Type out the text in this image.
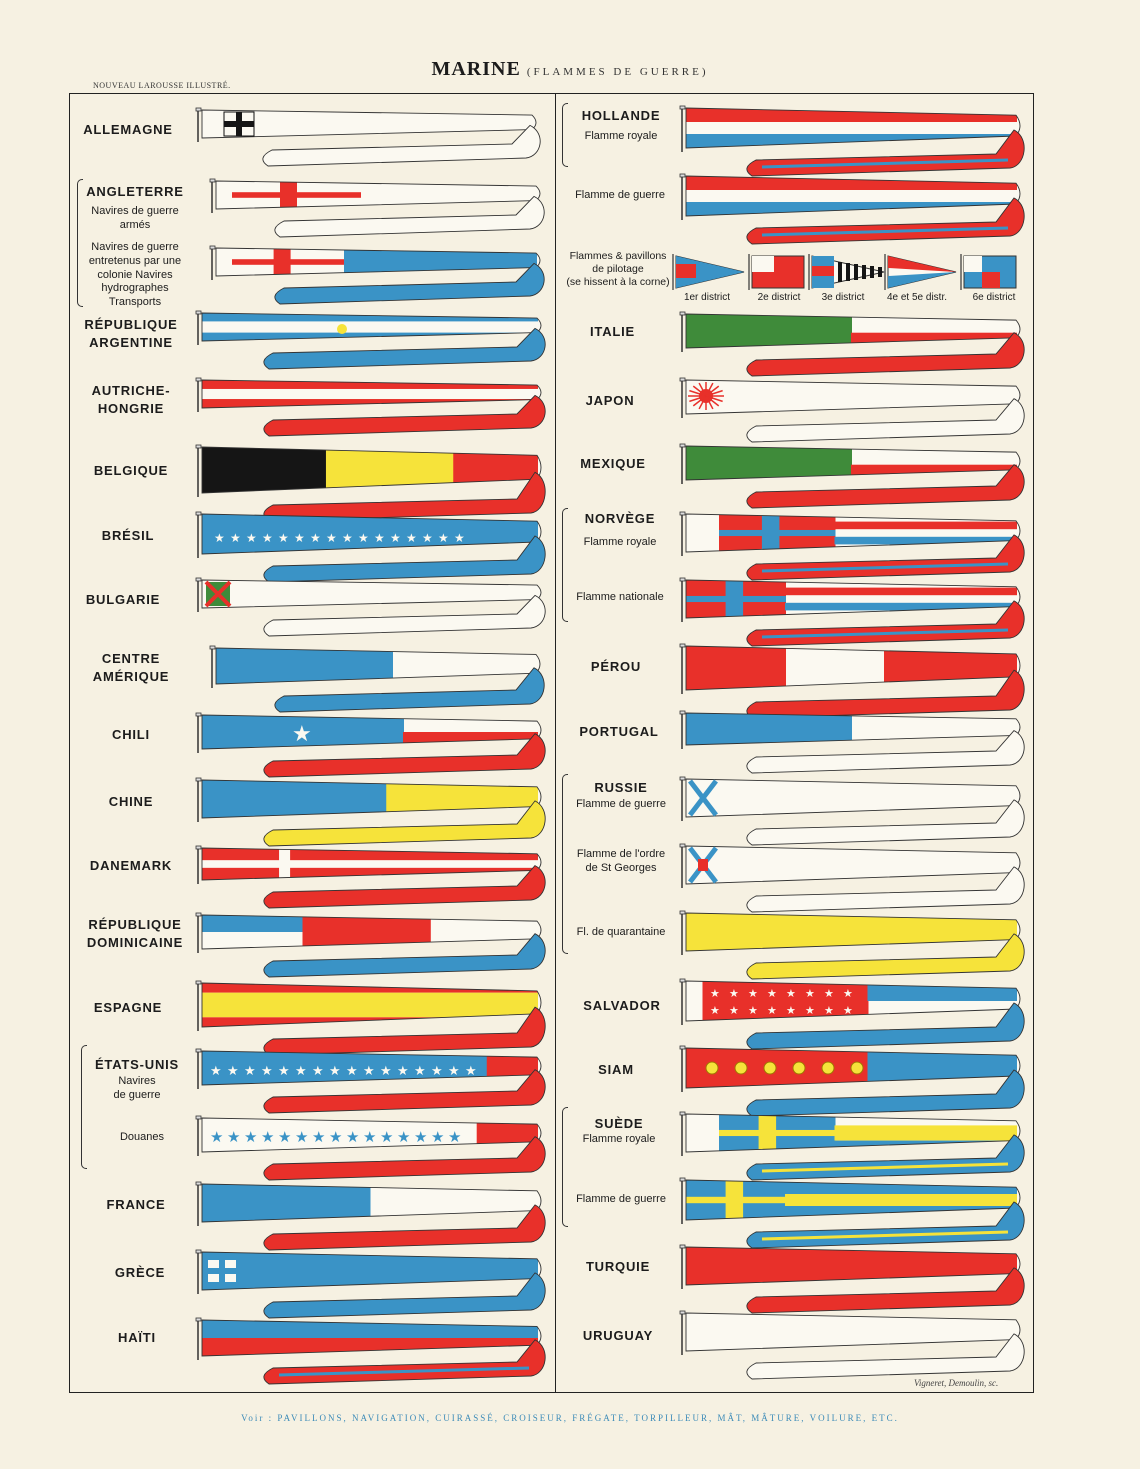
MARINE (FLAMMES DE GUERRE)
NOUVEAU LAROUSSE ILLUSTRÉ.
ALLEMAGNE
ANGLETERRE
Navires de guerre
armés
Navires de guerre
entretenus par une
colonie Navires
hydrographes
Transports
RÉPUBLIQUE
ARGENTINE
AUTRICHE-
HONGRIE
BELGIQUE
BRÉSIL
BULGARIE
CENTRE
AMÉRIQUE
CHILI
CHINE
DANEMARK
RÉPUBLIQUE
DOMINICAINE
ESPAGNE
ÉTATS-UNIS
Navires
de guerre
Douanes
FRANCE
GRÈCE
HAÏTI
HOLLANDE
Flamme royale
Flamme de guerre
Flammes & pavillons
de pilotage
(se hissent à la corne)
ITALIE
JAPON
MEXIQUE
NORVÈGE
Flamme royale
Flamme nationale
PÉROU
PORTUGAL
RUSSIE
Flamme de guerre
Flamme de l'ordre
de St Georges
Fl. de quarantaine
SALVADOR
SIAM
SUÈDE
Flamme royale
Flamme de guerre
TURQUIE
URUGUAY
1er district	2e district	3e district	4e et 5e distr.	6e district
★ ★ ★ ★ ★ ★ ★ ★ ★ ★ ★ ★ ★ ★ ★ ★
★
★ ★ ★ ★ ★ ★ ★ ★ ★ ★ ★ ★ ★ ★ ★ ★
★ ★ ★ ★ ★ ★ ★ ★ ★ ★ ★ ★ ★ ★ ★
★ ★ ★ ★ ★ ★ ★ ★
★ ★ ★ ★ ★ ★ ★ ★
Vigneret, Demoulin, sc.
Voir : PAVILLONS, NAVIGATION, CUIRASSÉ, CROISEUR, FRÉGATE, TORPILLEUR, MÂT, MÂTURE, VOILURE, ETC.
